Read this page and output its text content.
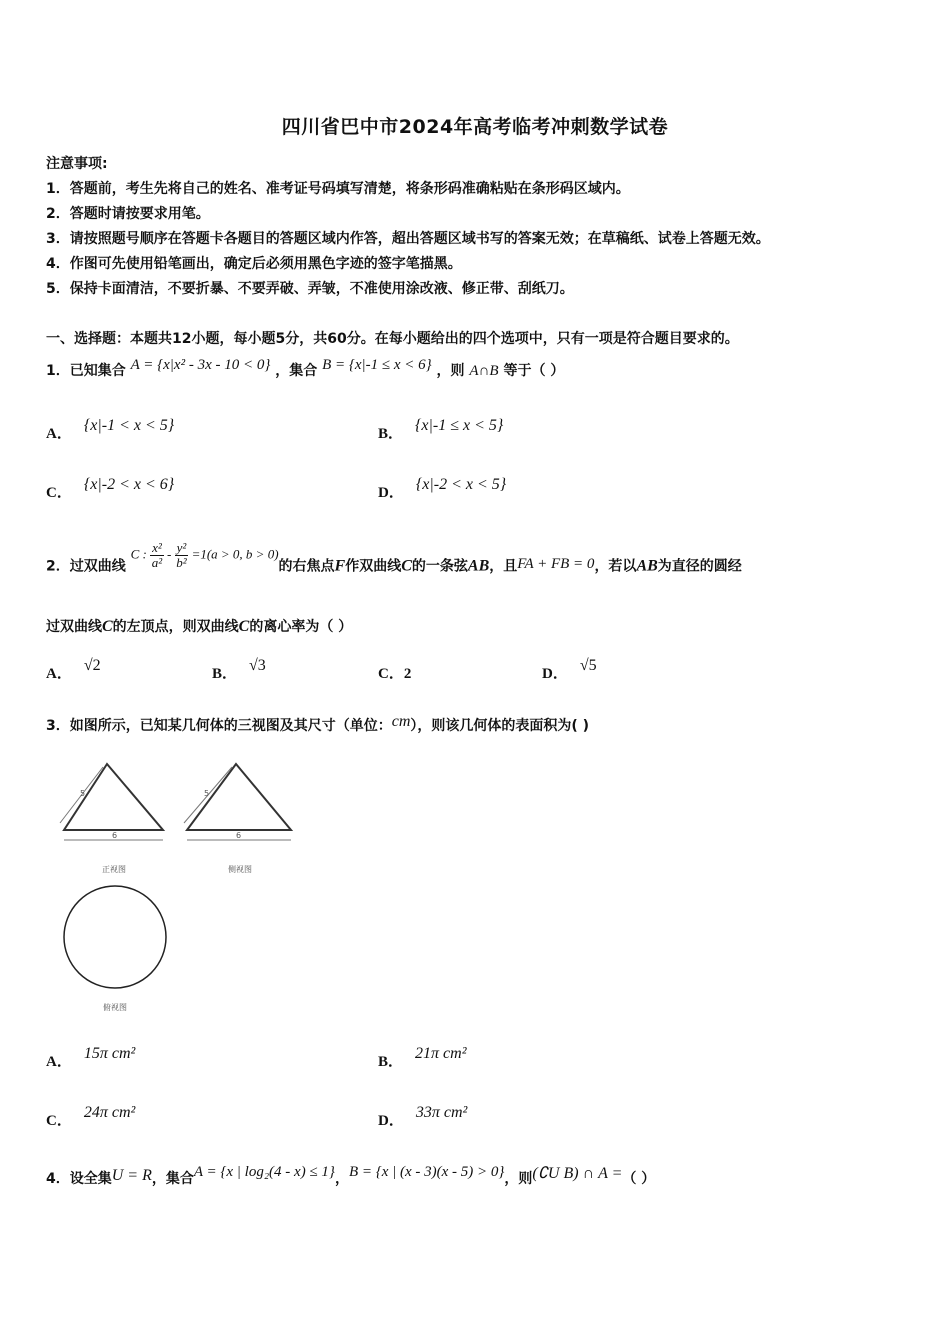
四川省巴中市2024年高考临考冲刺数学试卷
注意事项:
1．答题前，考生先将自己的姓名、准考证号码填写清楚，将条形码准确粘贴在条形码区域内。
2．答题时请按要求用笔。
3．请按照题号顺序在答题卡各题目的答题区域内作答，超出答题区域书写的答案无效；在草稿纸、试卷上答题无效。
4．作图可先使用铅笔画出，确定后必须用黑色字迹的签字笔描黑。
5．保持卡面清洁，不要折暴、不要弄破、弄皱，不准使用涂改液、修正带、刮纸刀。
一、选择题：本题共12小题，每小题5分，共60分。在每小题给出的四个选项中，只有一项是符合题目要求的。
1．已知集合 A = {x|x² - 3x - 10 < 0} ，集合 B = {x|-1 ≤ x < 6} ，则 A∩B 等于（ ）
A． {x|-1 < x < 5}	B． {x|-1 ≤ x < 5}
C． {x|-2 < x < 6}	D． {x|-2 < x < 5}
2．过双曲线 C : $\frac{\text{x²}}{\text{a²}} - \frac{\text{y²}}{\text{b²}} =1(a > 0$, b > 0)的右焦点F作双曲线C的一条弦AB，且FA + FB = 0，若以AB为直径的圆经
过双曲线C的左顶点，则双曲线C的离心率为（ ）
A． √2	B． √3	C．2	D． √5
3．如图所示，已知某几何体的三视图及其尺寸（单位：cm），则该几何体的表面积为( )
5
6
5
6
正视图	侧视图
俯视图
A． 15π cm²	B． 21π cm²
C． 24π cm²	D． 33π cm²
4．设全集U = R，集合A = {x | log₂(4 - x) ≤ 1}，B = {x | (x - 3)(x - 5) > 0}，则(∁U B) ∩ A =（ ）
